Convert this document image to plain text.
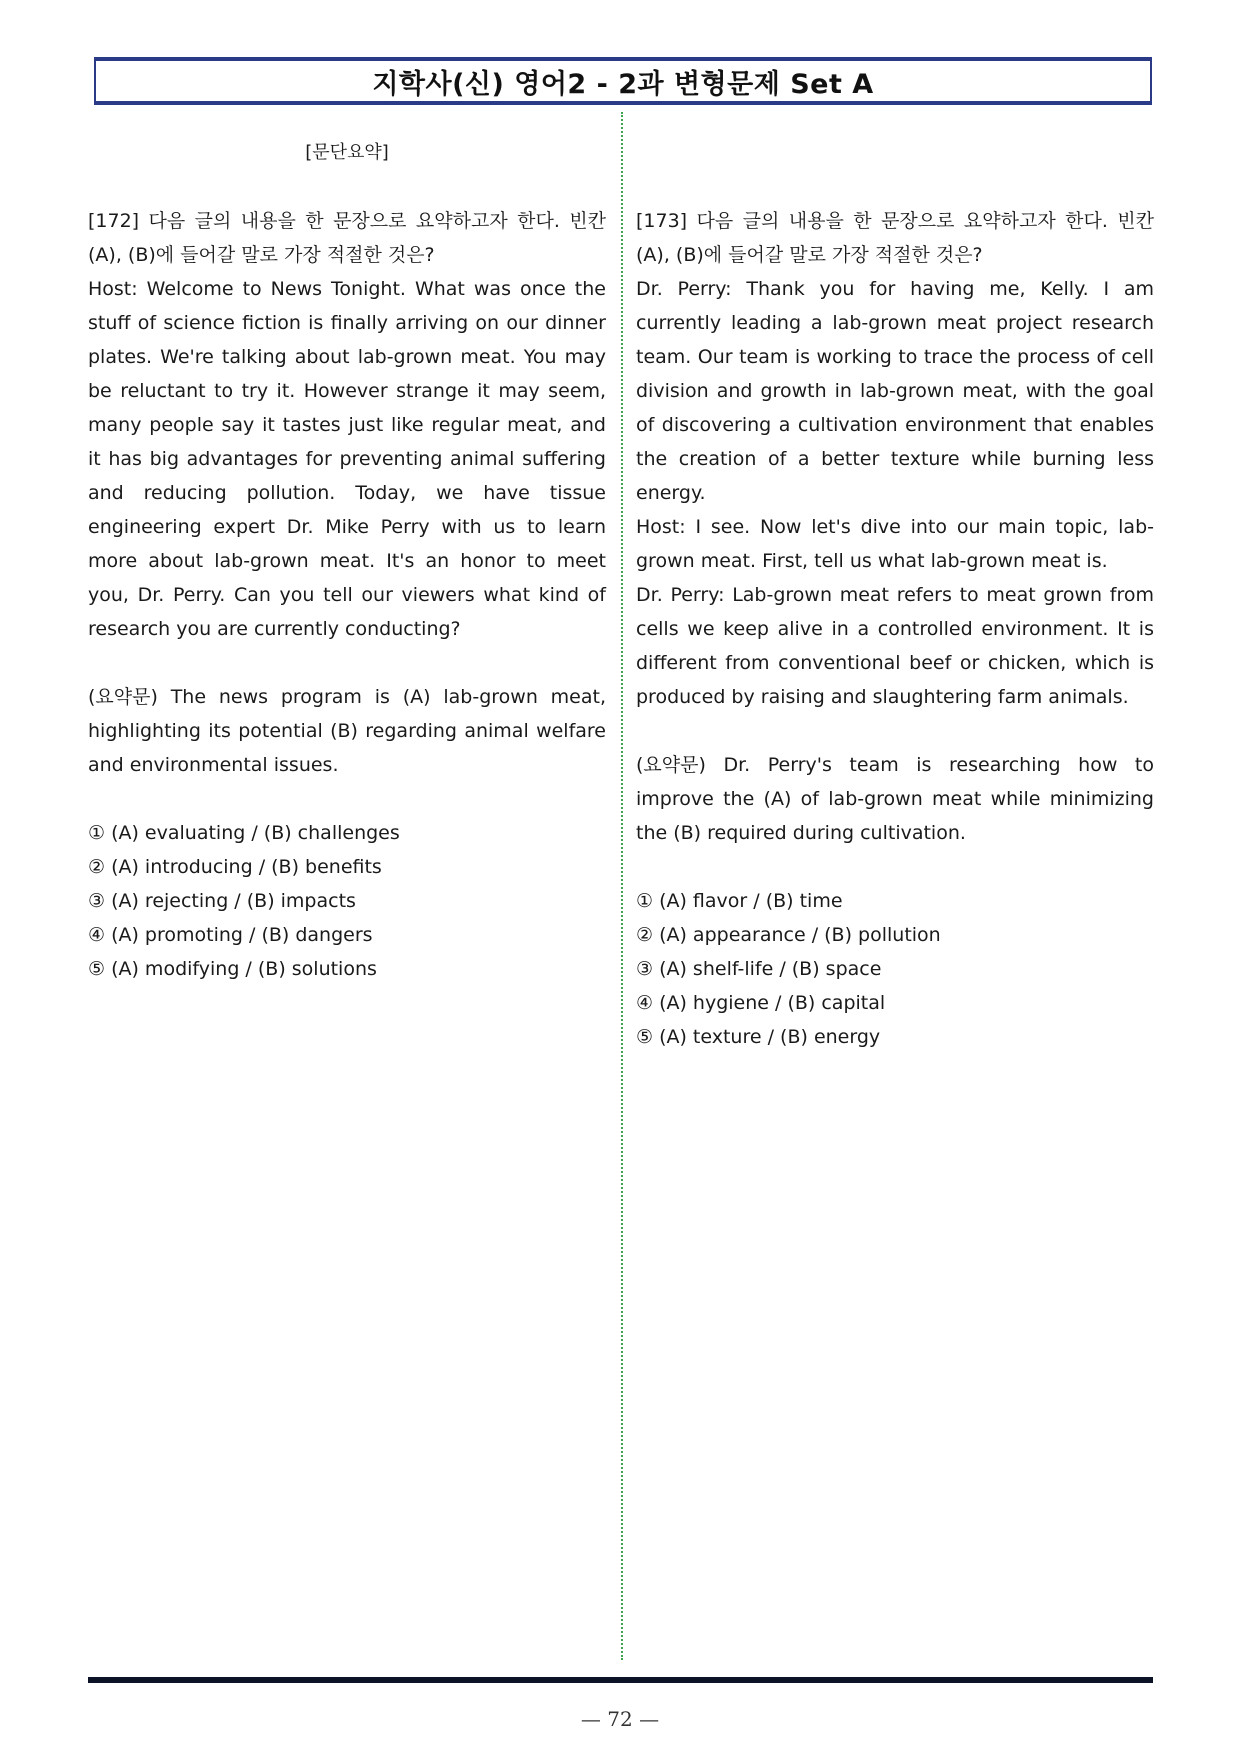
지학사(신) 영어2 - 2과 변형문제 Set A

[문단요약]

[172] 다음 글의 내용을 한 문장으로 요약하고자 한다. 빈칸 (A), (B)에 들어갈 말로 가장 적절한 것은?

Host: Welcome to News Tonight. What was once the stuff of science fiction is finally arriving on our dinner plates. We're talking about lab-grown meat. You may be reluctant to try it. However strange it may seem, many people say it tastes just like regular meat, and it has big advantages for preventing animal suffering and reducing pollution. Today, we have tissue engineering expert Dr. Mike Perry with us to learn more about lab-grown meat. It's an honor to meet you, Dr. Perry. Can you tell our viewers what kind of research you are currently conducting?

(요약문) The news program is (A) lab-grown meat, highlighting its potential (B) regarding animal welfare and environmental issues.

① (A) evaluating / (B) challenges
② (A) introducing / (B) benefits
③ (A) rejecting / (B) impacts
④ (A) promoting / (B) dangers
⑤ (A) modifying / (B) solutions

[173] 다음 글의 내용을 한 문장으로 요약하고자 한다. 빈칸 (A), (B)에 들어갈 말로 가장 적절한 것은?

Dr. Perry: Thank you for having me, Kelly. I am currently leading a lab-grown meat project research team. Our team is working to trace the process of cell division and growth in lab-grown meat, with the goal of discovering a cultivation environment that enables the creation of a better texture while burning less energy.

Host: I see. Now let's dive into our main topic, lab-grown meat. First, tell us what lab-grown meat is.

Dr. Perry: Lab-grown meat refers to meat grown from cells we keep alive in a controlled environment. It is different from conventional beef or chicken, which is produced by raising and slaughtering farm animals.

(요약문) Dr. Perry's team is researching how to improve the (A) of lab-grown meat while minimizing the (B) required during cultivation.

① (A) flavor / (B) time
② (A) appearance / (B) pollution
③ (A) shelf-life / (B) space
④ (A) hygiene / (B) capital
⑤ (A) texture / (B) energy
— 72 —
